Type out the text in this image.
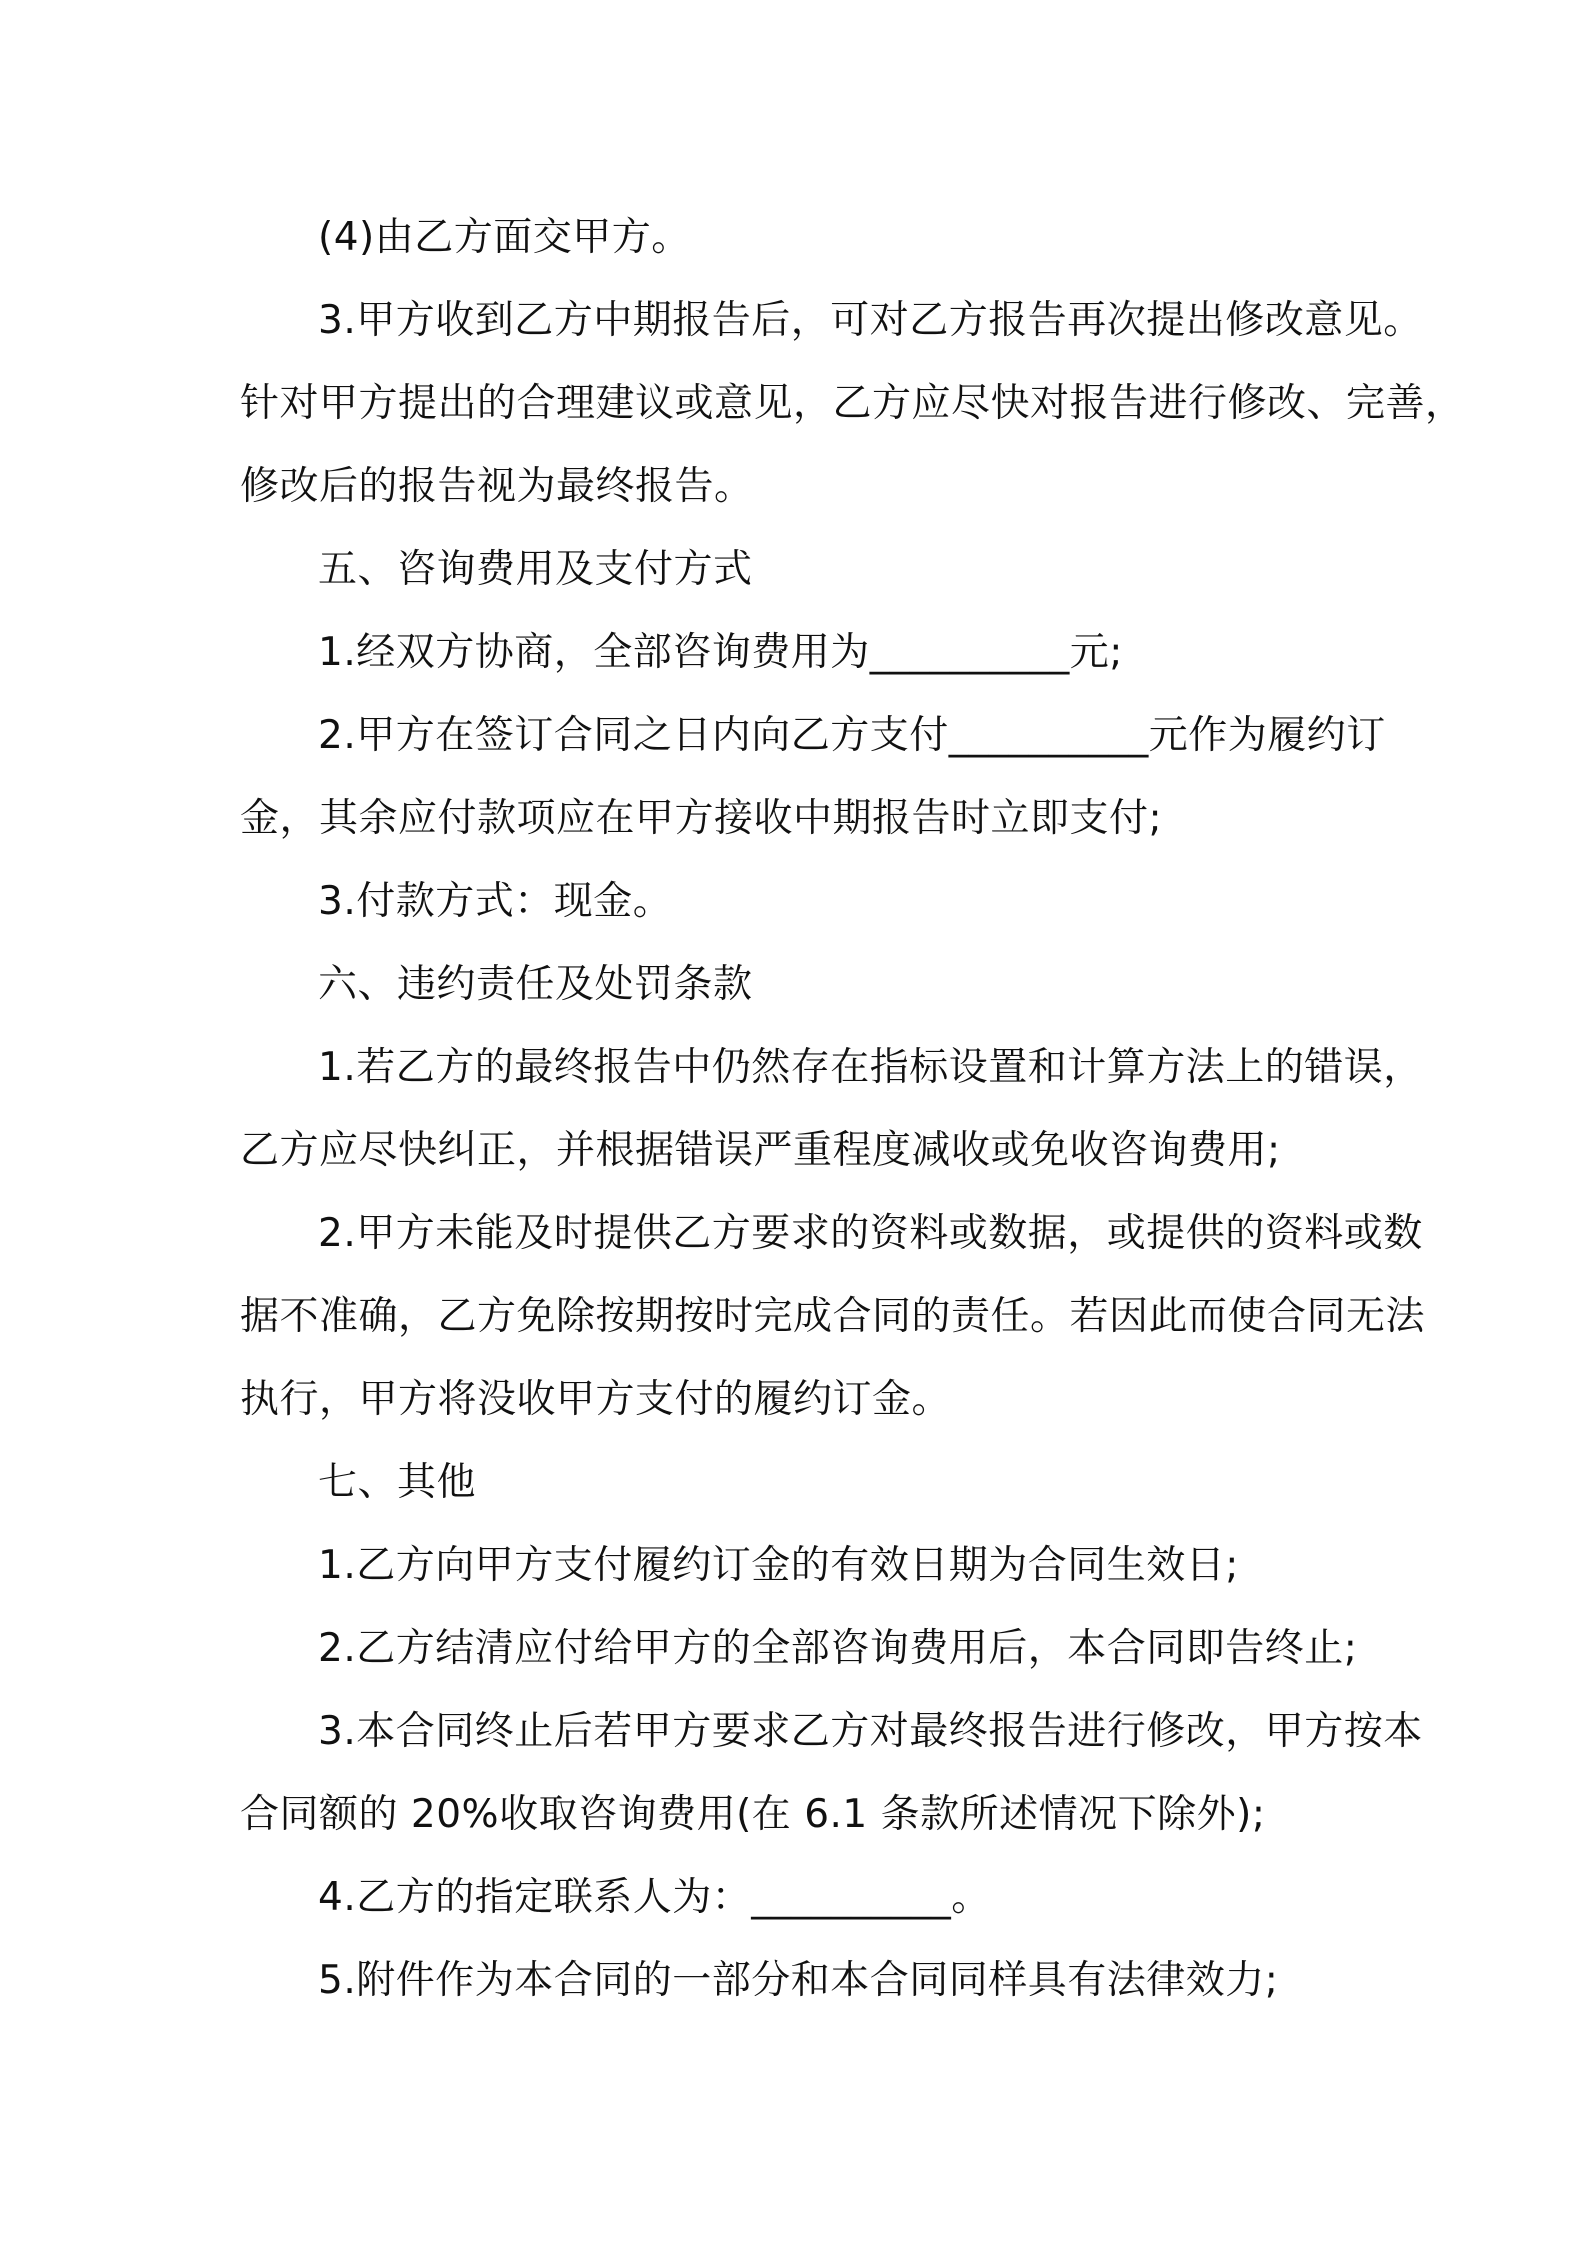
(4)由乙方面交甲方。

3.甲方收到乙方中期报告后，可对乙方报告再次提出修改意见。
针对甲方提出的合理建议或意见，乙方应尽快对报告进行修改、完善，
修改后的报告视为最终报告。

五、咨询费用及支付方式

1.经双方协商，全部咨询费用为__________元;

2.甲方在签订合同之日内向乙方支付__________元作为履约订
金，其余应付款项应在甲方接收中期报告时立即支付;

3.付款方式：现金。

六、违约责任及处罚条款

1.若乙方的最终报告中仍然存在指标设置和计算方法上的错误，
乙方应尽快纠正，并根据错误严重程度减收或免收咨询费用;

2.甲方未能及时提供乙方要求的资料或数据，或提供的资料或数
据不准确，乙方免除按期按时完成合同的责任。若因此而使合同无法
执行，甲方将没收甲方支付的履约订金。

七、其他

1.乙方向甲方支付履约订金的有效日期为合同生效日;

2.乙方结清应付给甲方的全部咨询费用后，本合同即告终止;

3.本合同终止后若甲方要求乙方对最终报告进行修改，甲方按本
合同额的 20%收取咨询费用(在 6.1 条款所述情况下除外);

4.乙方的指定联系人为：__________。

5.附件作为本合同的一部分和本合同同样具有法律效力;
